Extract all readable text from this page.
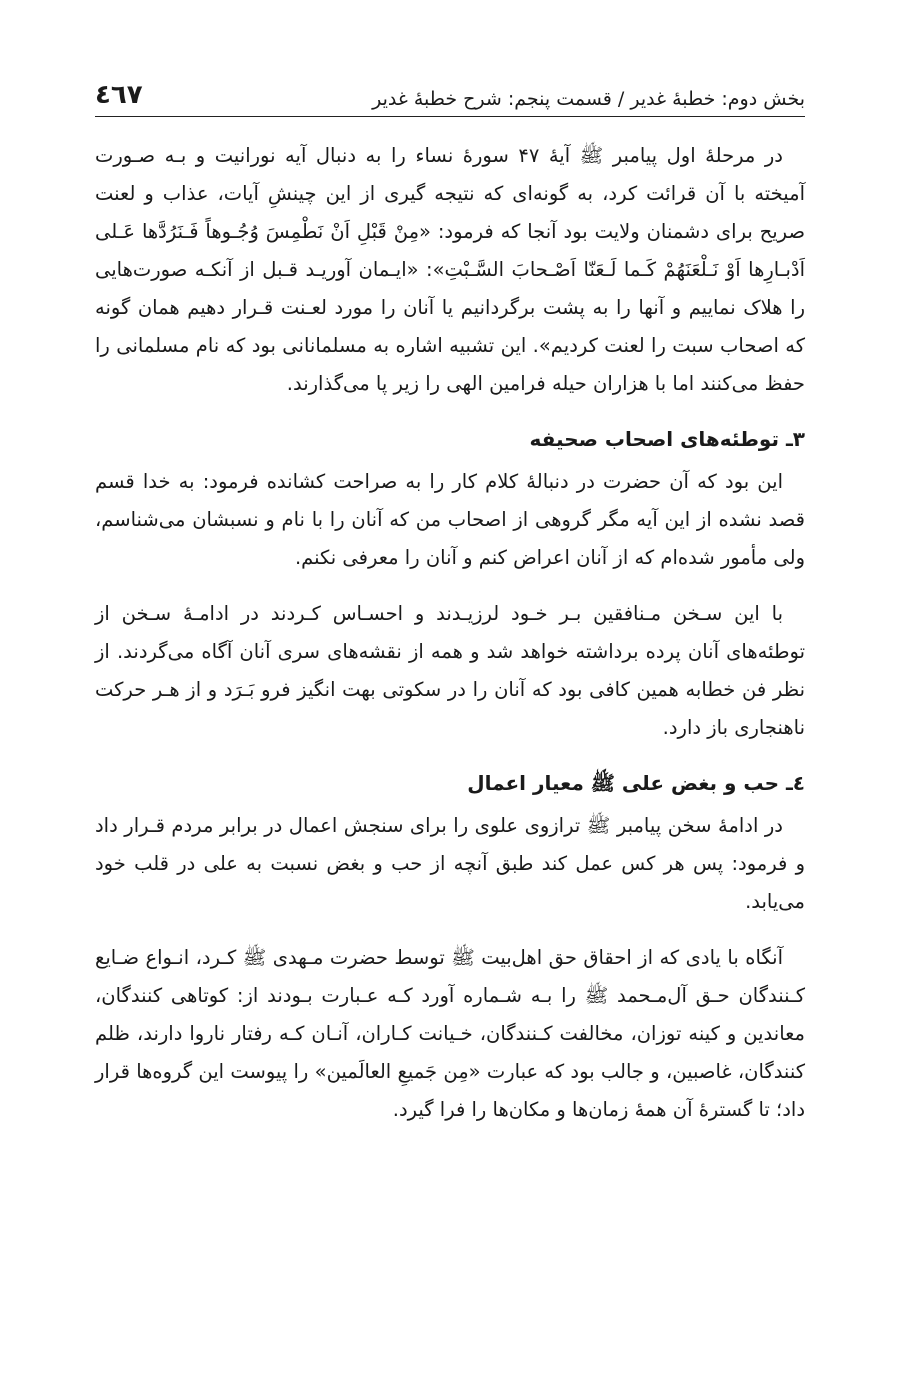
بخش دوم: خطبهٔ غدیر / قسمت پنجم: شرح خطبهٔ غدیر
٤٦٧

در مرحلهٔ اول پیامبر ﷺ آیهٔ ۴۷ سورهٔ نساء را به دنبال آیه نورانیت و بـه صـورت آمیخته با آن قرائت کرد، به گونه‌ای که نتیجه گیری از این چینشِ آیات، عذاب و لعنت صریح برای دشمنان ولایت بود آنجا که فرمود: «مِنْ قَبْلِ اَنْ نَطْمِسَ وُجُـوهاً فَـنَرُدَّها عَـلی اَدْبـارِها اَوْ نَـلْعَنَهُمْ کَـما لَـعَنّا اَصْـحابَ السَّـبْتِ»: «ایـمان آوریـد قـبل از آنکـه صورت‌هایی را هلاک نماییم و آنها را به پشت برگردانیم یا آنان را مورد لعـنت قـرار دهیم همان گونه که اصحاب سبت را لعنت کردیم». این تشبیه اشاره به مسلمانانی بود که نام مسلمانی را حفظ می‌کنند اما با هزاران حیله فرامین الهی را زیر پا می‌گذارند.

٣ـ توطئه‌های اصحاب صحیفه

این بود که آن حضرت در دنبالهٔ کلام کار را به صراحت کشانده فرمود: به خدا قسم قصد نشده از این آیه مگر گروهی از اصحاب من که آنان را با نام و نسبشان می‌شناسم، ولی مأمور شده‌ام که از آنان اعراض کنم و آنان را معرفی نکنم.

با این سـخن مـنافقین بـر خـود لرزیـدند و احسـاس کـردند در ادامـهٔ سـخن از توطئه‌های آنان پرده برداشته خواهد شد و همه از نقشه‌های سری آنان آگاه می‌گردند. از نظر فن خطابه همین کافی بود که آنان را در سکوتی بهت انگیز فرو بَـرَد و از هـر حرکت ناهنجاری باز دارد.

٤ـ حب و بغض علی ﷺ معیار اعمال

در ادامهٔ سخن پیامبر ﷺ ترازوی علوی را برای سنجش اعمال در برابر مردم قـرار داد و فرمود: پس هر کس عمل کند طبق آنچه از حب و بغض نسبت به علی در قلب خود می‌یابد.

آنگاه با یادی که از احقاق حق اهل‌بیت ﷺ توسط حضرت مـهدی ﷺ کـرد، انـواع ضـایع کـنندگان حـق آل‌مـحمد ﷺ را بـه شـماره آورد کـه عـبارت بـودند از: کوتاهی کنندگان، معاندین و کینه توزان، مخالفت کـنندگان، خـیانت کـاران، آنـان کـه رفتار ناروا دارند، ظلم کنندگان، غاصبین، و جالب بود که عبارت «مِن جَمیعِ العالَمین» را پیوست این گروه‌ها قرار داد؛ تا گسترهٔ آن همهٔ زمان‌ها و مکان‌ها را فرا گیرد.
